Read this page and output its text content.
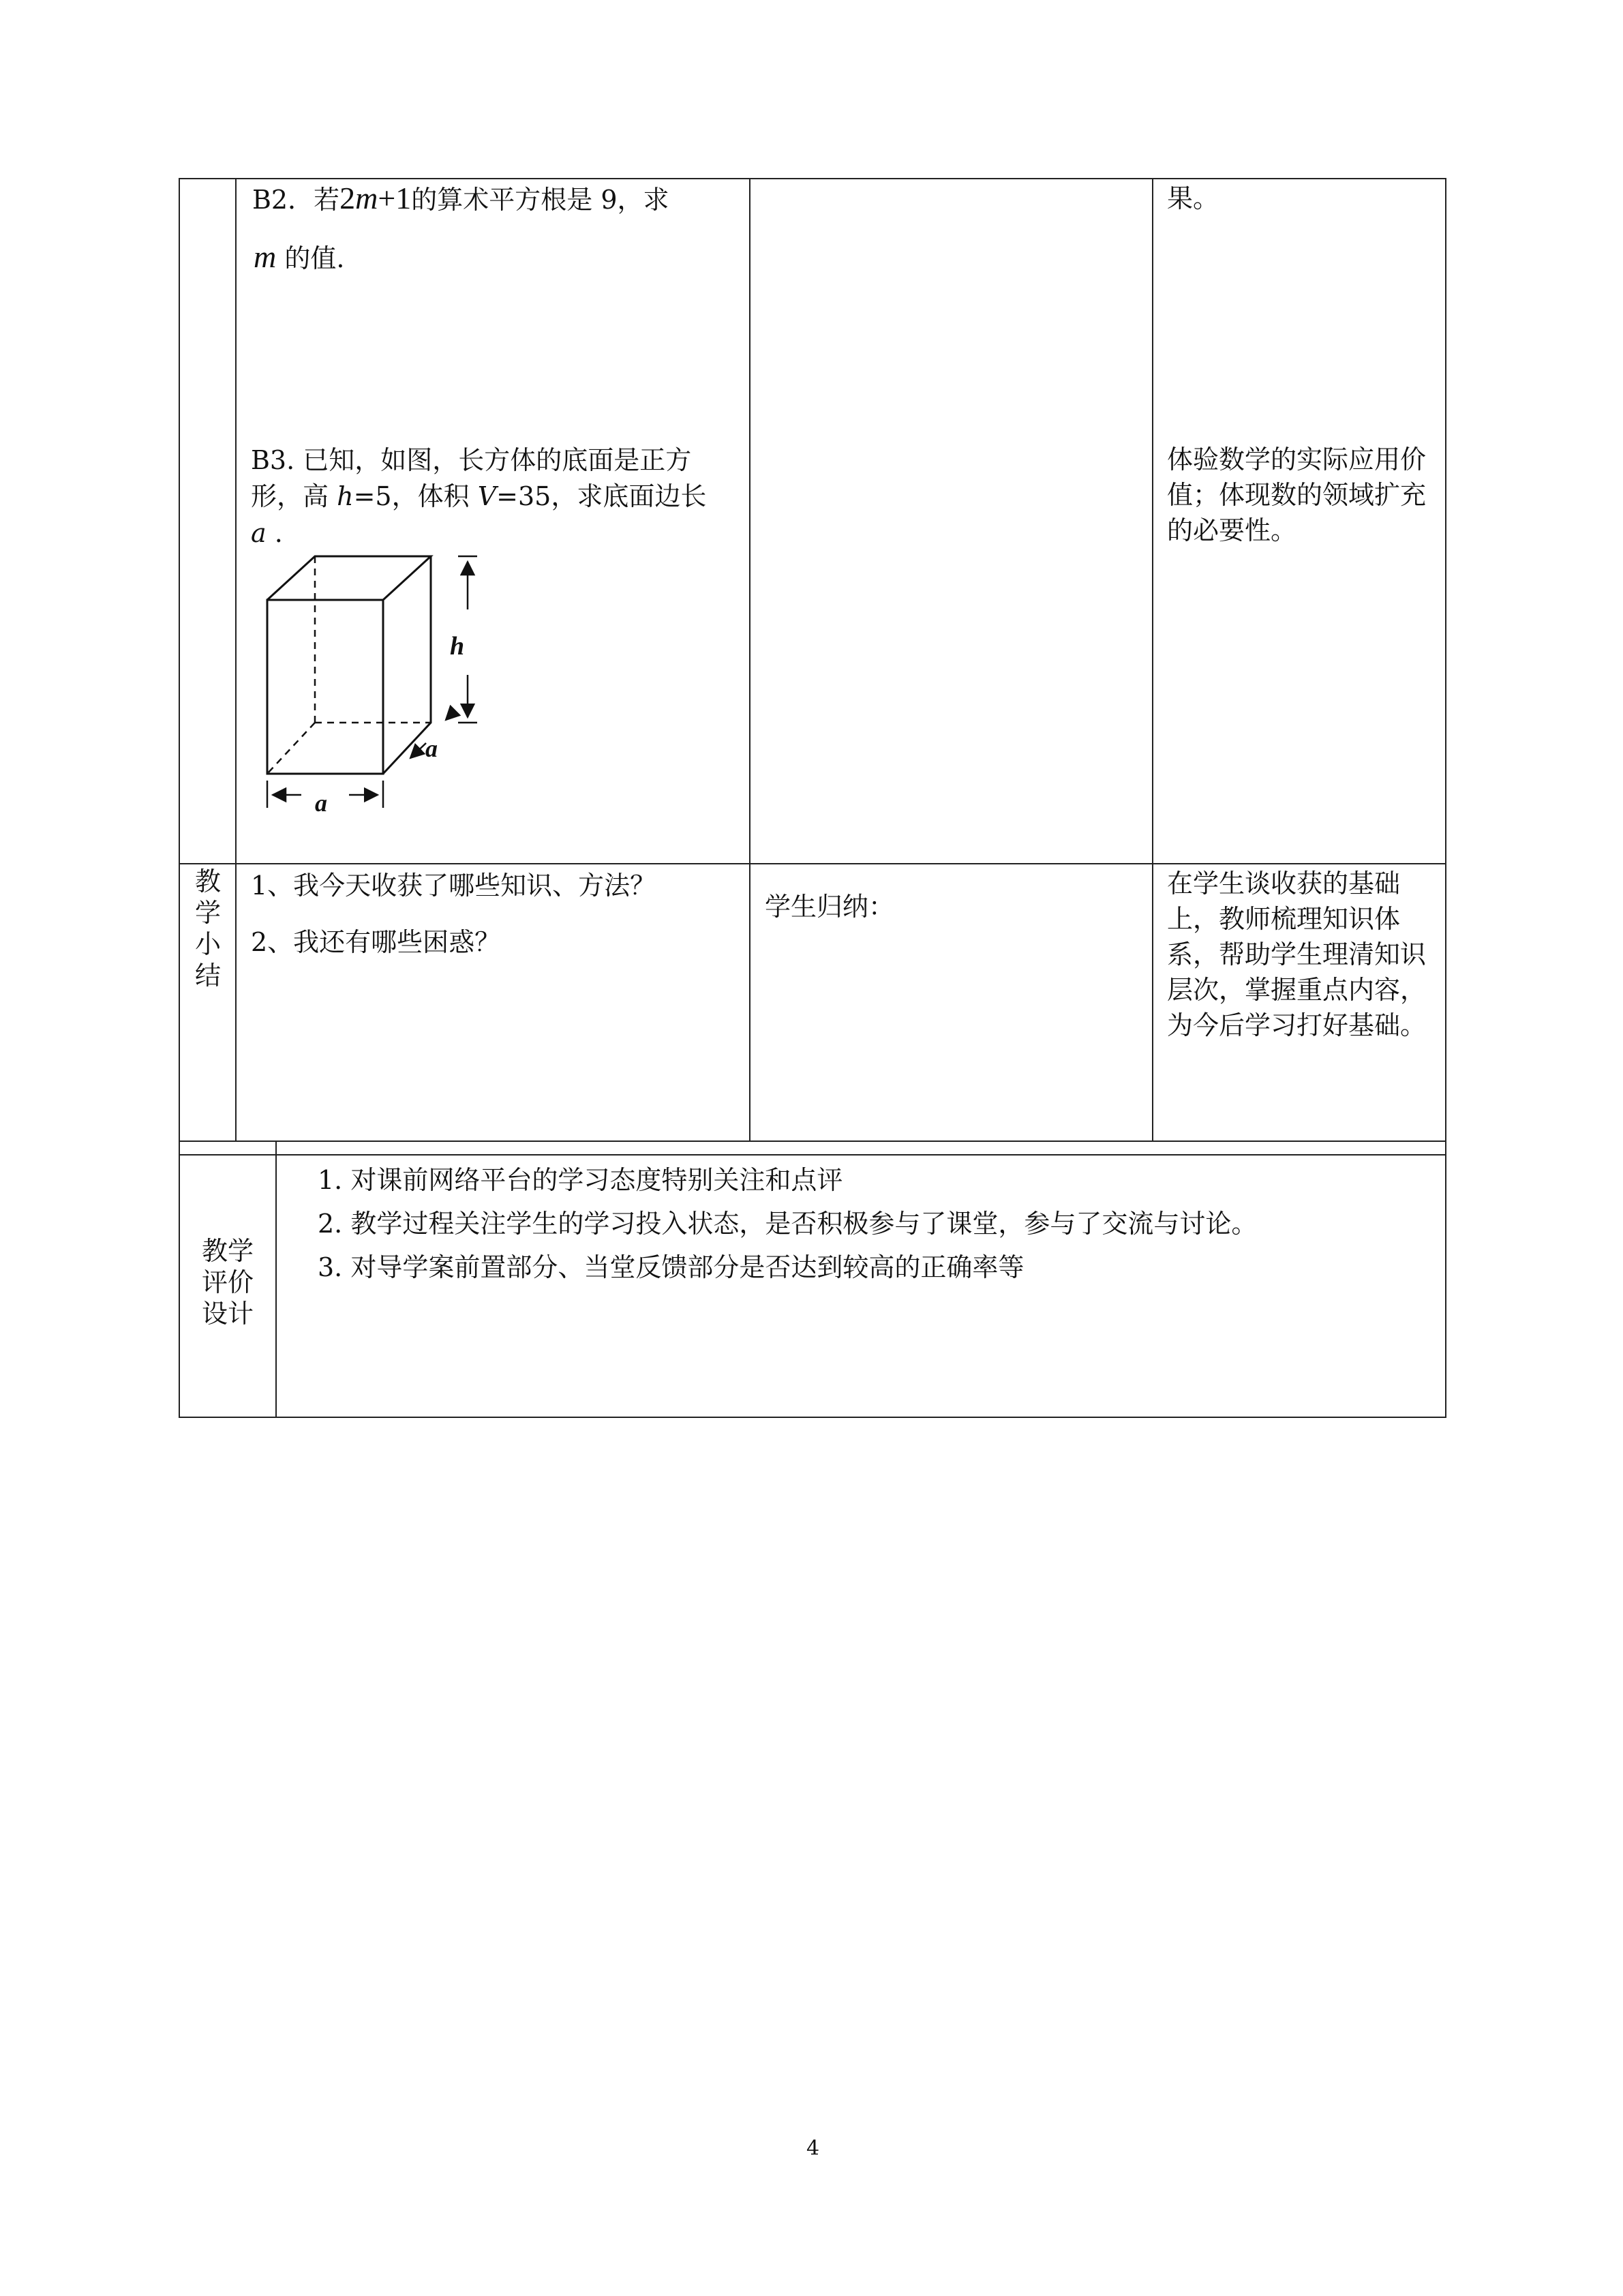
B2．若2m+1的算术平方根是 9，求
m 的值.
B3. 已知，如图，长方体的底面是正方
形，高 h=5，体积 V=35，求底面边长
a .
h
a
a
果。
体验数学的实际应用价值；体现数的领域扩充的必要性。
教
学
小
结
1、我今天收获了哪些知识、方法？
2、我还有哪些困惑？
学生归纳：
在学生谈收获的基础上，教师梳理知识体系，帮助学生理清知识层次，掌握重点内容，为今后学习打好基础。
教学
评价
设计
1. 对课前网络平台的学习态度特别关注和点评
2. 教学过程关注学生的学习投入状态，是否积极参与了课堂，参与了交流与讨论。
3. 对导学案前置部分、当堂反馈部分是否达到较高的正确率等
4
